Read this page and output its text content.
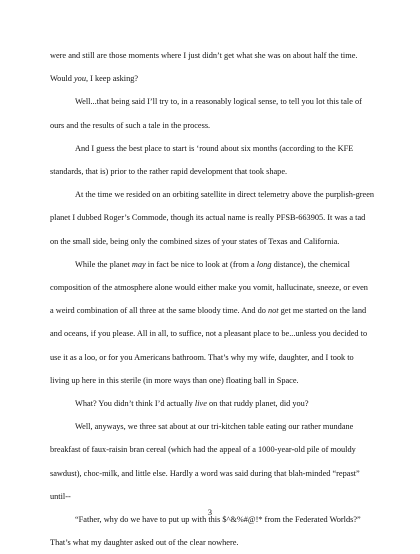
were and still are those moments where I just didn’t get what she was on about half the time.

Would you, I keep asking?

Well...that being said I’ll try to, in a reasonably logical sense, to tell you lot this tale of

ours and the results of such a tale in the process.

And I guess the best place to start is ‘round about six months (according to the KFE

standards, that is) prior to the rather rapid development that took shape.

At the time we resided on an orbiting satellite in direct telemetry above the purplish-green

planet I dubbed Roger’s Commode, though its actual name is really PFSB-663905. It was a tad

on the small side, being only the combined sizes of your states of Texas and California.

While the planet may in fact be nice to look at (from a long distance), the chemical

composition of the atmosphere alone would either make you vomit, hallucinate, sneeze, or even

a weird combination of all three at the same bloody time. And do not get me started on the land

and oceans, if you please. All in all, to suffice, not a pleasant place to be...unless you decided to

use it as a loo, or for you Americans bathroom. That’s why my wife, daughter, and I took to

living up here in this sterile (in more ways than one) floating ball in Space.

What? You didn’t think I’d actually live on that ruddy planet, did you?

Well, anyways, we three sat about at our tri-kitchen table eating our rather mundane

breakfast of faux-raisin bran cereal (which had the appeal of a 1000-year-old pile of mouldy

sawdust), choc-milk, and little else. Hardly a word was said during that blah-minded “repast”

until--

“Father, why do we have to put up with this $^&%#@!* from the Federated Worlds?”

That’s what my daughter asked out of the clear nowhere.

3
